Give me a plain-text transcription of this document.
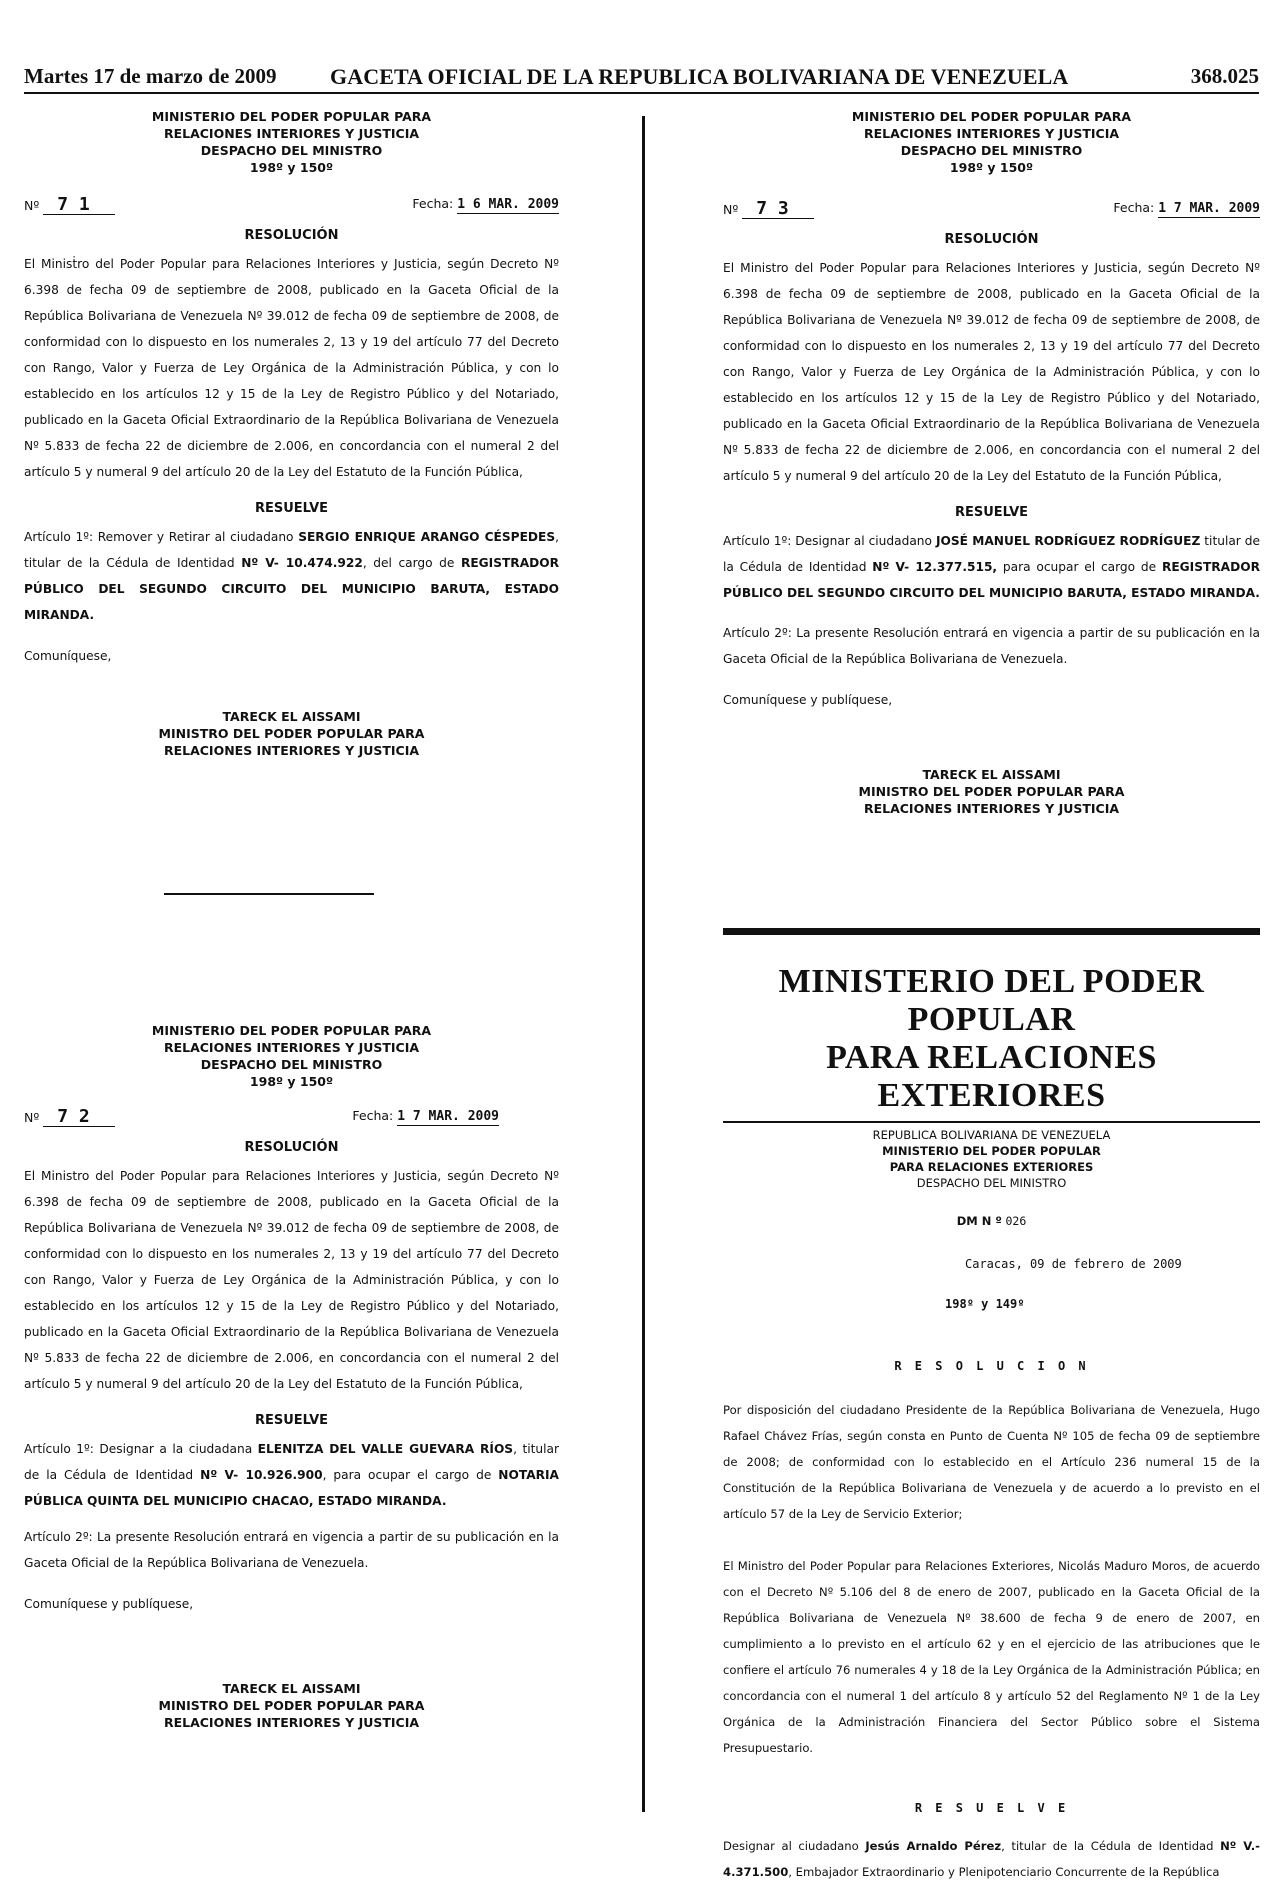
Martes 17 de marzo de 2009 GACETA OFICIAL DE LA REPUBLICA BOLIVARIANA DE VENEZUELA	368.025
MINISTERIO DEL PODER POPULAR PARA
RELACIONES INTERIORES Y JUSTICIA
DESPACHO DEL MINISTRO
198º y 150º
Nº 7 1	Fecha: 1 6 MAR. 2009
RESOLUCIÓN
El Minisṫro del Poder Popular para Relaciones Interiores y Justicia, según Decreto Nº 6.398 de fecha 09 de septiembre de 2008, publicado en la Gaceta Oficial de la República Bolivariana de Venezuela Nº 39.012 de fecha 09 de septiembre de 2008, de conformidad con lo dispuesto en los numerales 2, 13 y 19 del artículo 77 del Decreto con Rango, Valor y Fuerza de Ley Orgánica de la Administración Pública, y con lo establecido en los artículos 12 y 15 de la Ley de Registro Público y del Notariado, publicado en la Gaceta Oficial Extraordinario de la República Bolivariana de Venezuela Nº 5.833 de fecha 22 de diciembre de 2.006, en concordancia con el numeral 2 del artículo 5 y numeral 9 del artículo 20 de la Ley del Estatuto de la Función Pública,
RESUELVE
Artículo 1º: Remover y Retirar al ciudadano SERGIO ENRIQUE ARANGO CÉSPEDES, titular de la Cédula de Identidad Nº V- 10.474.922, del cargo de REGISTRADOR PÚBLICO DEL SEGUNDO CIRCUITO DEL MUNICIPIO BARUTA, ESTADO MIRANDA.
Comuníquese,
TARECK EL AISSAMI
MINISTRO DEL PODER POPULAR PARA
RELACIONES INTERIORES Y JUSTICIA
MINISTERIO DEL PODER POPULAR PARA
RELACIONES INTERIORES Y JUSTICIA
DESPACHO DEL MINISTRO
198º y 150º
Nº 7 2	Fecha: 1 7 MAR. 2009
RESOLUCIÓN
El Ministro del Poder Popular para Relaciones Interiores y Justicia, según Decreto Nº 6.398 de fecha 09 de septiembre de 2008, publicado en la Gaceta Oficial de la República Bolivariana de Venezuela Nº 39.012 de fecha 09 de septiembre de 2008, de conformidad con lo dispuesto en los numerales 2, 13 y 19 del artículo 77 del Decreto con Rango, Valor y Fuerza de Ley Orgánica de la Administración Pública, y con lo establecido en los artículos 12 y 15 de la Ley de Registro Público y del Notariado, publicado en la Gaceta Oficial Extraordinario de la República Bolivariana de Venezuela Nº 5.833 de fecha 22 de diciembre de 2.006, en concordancia con el numeral 2 del artículo 5 y numeral 9 del artículo 20 de la Ley del Estatuto de la Función Pública,
RESUELVE
Artículo 1º: Designar a la ciudadana ELENITZA DEL VALLE GUEVARA RÍOS, titular de la Cédula de Identidad Nº V- 10.926.900, para ocupar el cargo de NOTARIA PÚBLICA QUINTA DEL MUNICIPIO CHACAO, ESTADO MIRANDA.
Artículo 2º: La presente Resolución entrará en vigencia a partir de su publicación en la Gaceta Oficial de la República Bolivariana de Venezuela.
Comuníquese y publíquese,
TARECK EL AISSAMI
MINISTRO DEL PODER POPULAR PARA
RELACIONES INTERIORES Y JUSTICIA
MINISTERIO DEL PODER POPULAR PARA
RELACIONES INTERIORES Y JUSTICIA
DESPACHO DEL MINISTRO
198º y 150º
Nº 7 3	Fecha: 1 7 MAR. 2009
RESOLUCIÓN
El Ministro del Poder Popular para Relaciones Interiores y Justicia, según Decreto Nº 6.398 de fecha 09 de septiembre de 2008, publicado en la Gaceta Oficial de la República Bolivariana de Venezuela Nº 39.012 de fecha 09 de septiembre de 2008, de conformidad con lo dispuesto en los numerales 2, 13 y 19 del artículo 77 del Decreto con Rango, Valor y Fuerza de Ley Orgánica de la Administración Pública, y con lo establecido en los artículos 12 y 15 de la Ley de Registro Público y del Notariado, publicado en la Gaceta Oficial Extraordinario de la República Bolivariana de Venezuela Nº 5.833 de fecha 22 de diciembre de 2.006, en concordancia con el numeral 2 del artículo 5 y numeral 9 del artículo 20 de la Ley del Estatuto de la Función Pública,
RESUELVE
Artículo 1º: Designar al ciudadano JOSÉ MANUEL RODRÍGUEZ RODRÍGUEZ titular de la Cédula de Identidad Nº V- 12.377.515, para ocupar el cargo de REGISTRADOR PÚBLICO DEL SEGUNDO CIRCUITO DEL MUNICIPIO BARUTA, ESTADO MIRANDA.
Artículo 2º: La presente Resolución entrará en vigencia a partir de su publicación en la Gaceta Oficial de la República Bolivariana de Venezuela.
Comuníquese y publíquese,
TARECK EL AISSAMI
MINISTRO DEL PODER POPULAR PARA
RELACIONES INTERIORES Y JUSTICIA
MINISTERIO DEL PODER POPULAR
PARA RELACIONES EXTERIORES
REPUBLICA BOLIVARIANA DE VENEZUELA
MINISTERIO DEL PODER POPULAR
PARA RELACIONES EXTERIORES
DESPACHO DEL MINISTRO
DM N º 026
Caracas, 09 de febrero de 2009
198º y 149º
R E S O L U C I O N
Por disposición del ciudadano Presidente de la República Bolivariana de Venezuela, Hugo Rafael Chávez Frías, según consta en Punto de Cuenta Nº 105 de fecha 09 de septiembre de 2008; de conformidad con lo establecido en el Artículo 236 numeral 15 de la Constitución de la República Bolivariana de Venezuela y de acuerdo a lo previsto en el artículo 57 de la Ley de Servicio Exterior;
El Ministro del Poder Popular para Relaciones Exteriores, Nicolás Maduro Moros, de acuerdo con el Decreto Nº 5.106 del 8 de enero de 2007, publicado en la Gaceta Oficial de la República Bolivariana de Venezuela Nº 38.600 de fecha 9 de enero de 2007, en cumplimiento a lo previsto en el artículo 62 y en el ejercicio de las atribuciones que le confiere el artículo 76 numerales 4 y 18 de la Ley Orgánica de la Administración Pública; en concordancia con el numeral 1 del artículo 8 y artículo 52 del Reglamento Nº 1 de la Ley Orgánica de la Administración Financiera del Sector Público sobre el Sistema Presupuestario.
R E S U E L V E
Designar al ciudadano Jesús Arnaldo Pérez, titular de la Cédula de Identidad Nº V.- 4.371.500, Embajador Extraordinario y Plenipotenciario Concurrente de la República
